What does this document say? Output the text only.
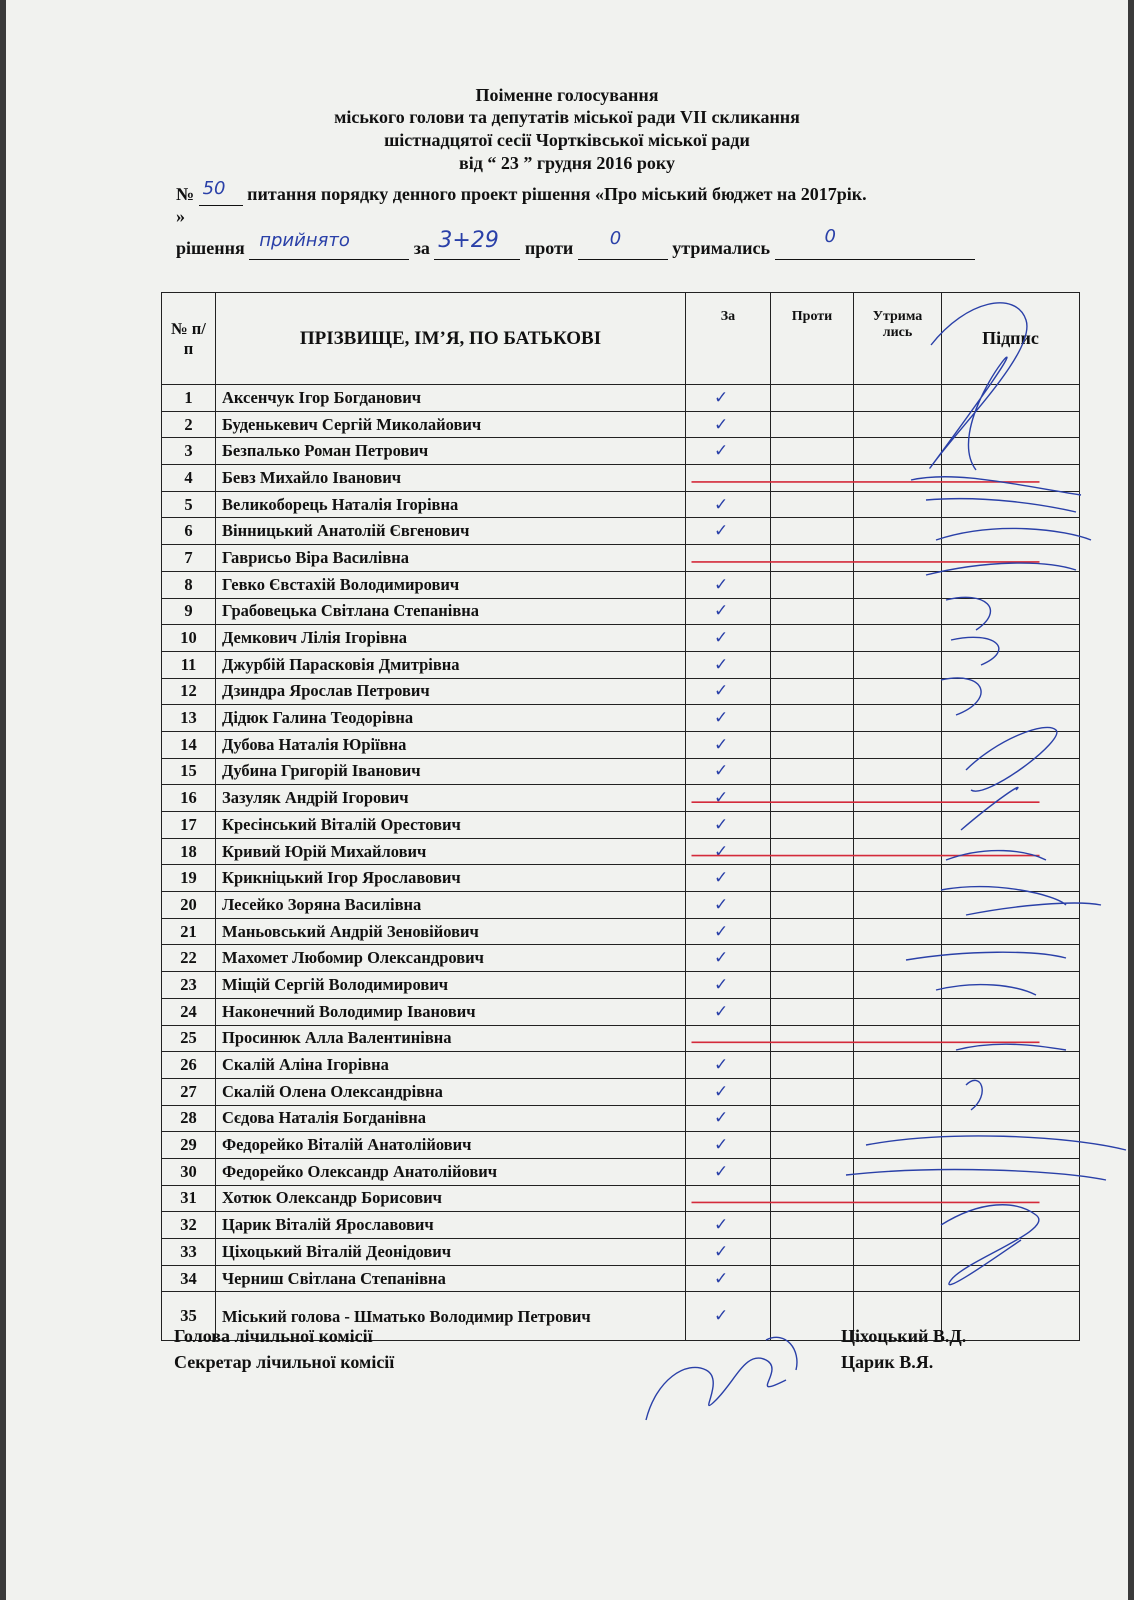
Поіменне голосування
міського голови та депутатів міської ради VII скликання
шістнадцятої сесії Чортківської міської ради
від “ 23 ” грудня 2016 року
№ 50 питання порядку денного проект рішення «Про міський бюджет на 2017рік.
»
рішення прийнято	за 3+29 проти 0	утримались
0

№ п/п	ПРІЗВИЩЕ, ІМ’Я, ПО БАТЬКОВІ	За	Проти	Утрима лись	Підпис
1	Аксенчук Ігор Богданович	✓			
2	Буденькевич Сергій Миколайович	✓			
3	Безпалько Роман Петрович	✓			
4	Бевз Михайло Іванович				
5	Великоборець Наталія Ігорівна	✓			
6	Вінницький Анатолій Євгенович	✓			
7	Гаврисьо Віра Василівна				
8	Гевко Євстахій Володимирович	✓			
9	Грабовецька Світлана Степанівна	✓			
10	Демкович Лілія Ігорівна	✓			
11	Джурбій Парасковія Дмитрівна	✓			
12	Дзиндра Ярослав Петрович	✓			
13	Дідюк Галина Теодорівна	✓			
14	Дубова Наталія Юріївна	✓			
15	Дубина Григорій Іванович	✓			
16	Зазуляк Андрій Ігорович	✓			
17	Кресінський Віталій Орестович	✓			
18	Кривий Юрій Михайлович	✓			
19	Крикніцький Ігор Ярославович	✓			
20	Лесейко Зоряна Василівна	✓			
21	Маньовський Андрій Зеновійович	✓			
22	Махомет Любомир Олександрович	✓			
23	Міщій Сергій Володимирович	✓			
24	Наконечний Володимир Іванович	✓			
25	Просинюк Алла Валентинівна				
26	Скалій Аліна Ігорівна	✓			
27	Скалій Олена Олександрівна	✓			
28	Сєдова Наталія Богданівна	✓			
29	Федорейко Віталій Анатолійович	✓			
30	Федорейко Олександр Анатолійович	✓			
31	Хотюк Олександр Борисович				
32	Царик Віталій Ярославович	✓			
33	Ціхоцький Віталій Деонідович	✓			
34	Черниш Світлана Степанівна	✓			
35	Міський голова - Шматько Володимир Петрович	✓			
Голова лічильної комісії	Ціхоцький В.Д.
Секретар лічильної комісії	Царик В.Я.
